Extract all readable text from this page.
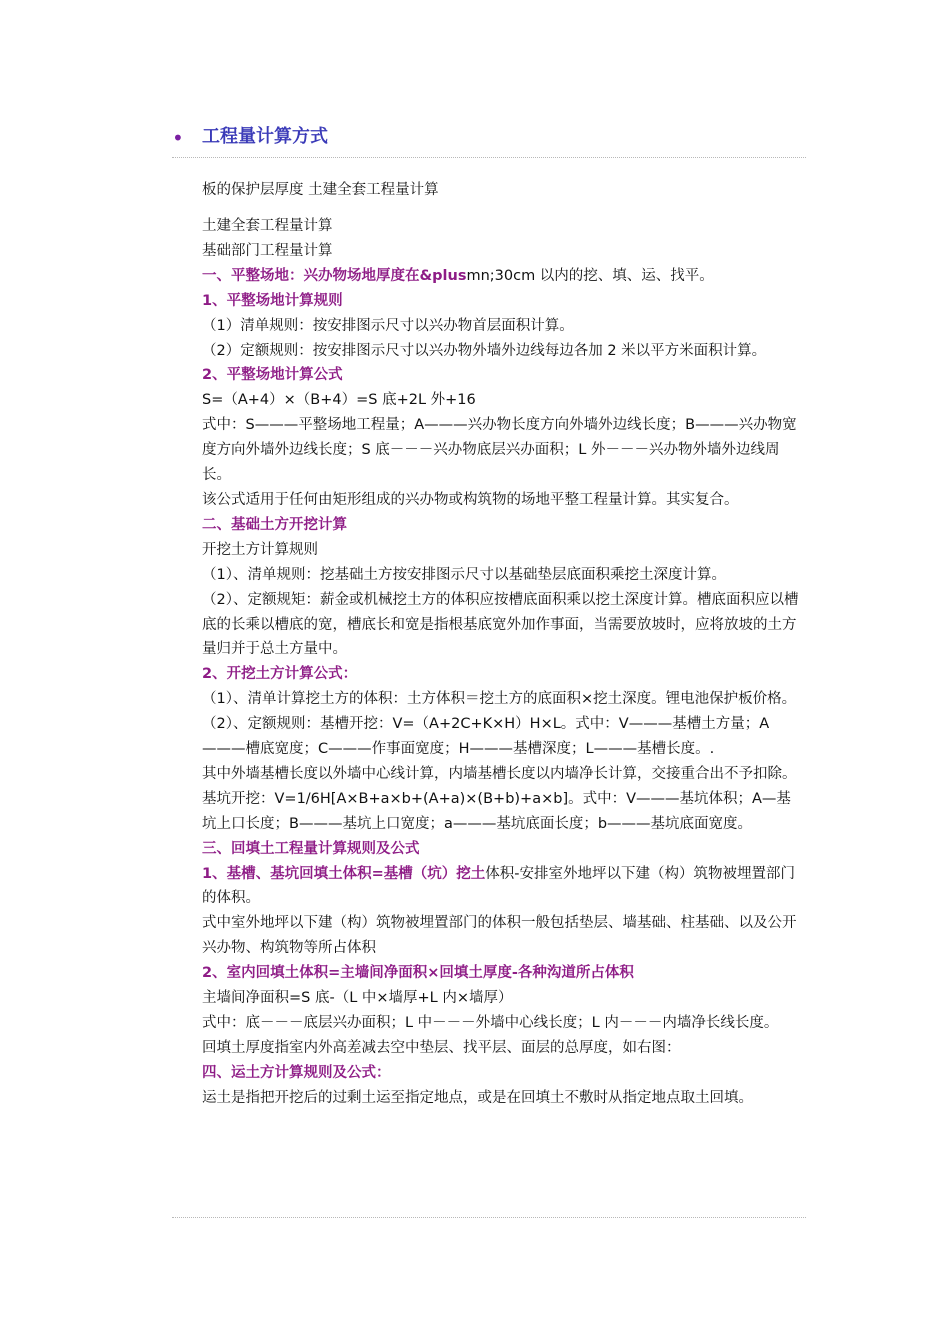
• 工程量计算方式
板的保护层厚度 土建全套工程量计算

土建全套工程量计算

基础部门工程量计算

一、平整场地：兴办物场地厚度在&plusmn;30cm 以内的挖、填、运、找平。

1、平整场地计算规则

（1）清单规则：按安排图示尺寸以兴办物首层面积计算。

（2）定额规则：按安排图示尺寸以兴办物外墙外边线每边各加 2 米以平方米面积计算。

2、平整场地计算公式

S=（A+4）×（B+4）=S 底+2L 外+16

式中：S———平整场地工程量；A———兴办物长度方向外墙外边线长度；B———兴办物宽度方向外墙外边线长度；S 底－－－兴办物底层兴办面积；L 外－－－兴办物外墙外边线周长。

该公式适用于任何由矩形组成的兴办物或构筑物的场地平整工程量计算。其实复合。

二、基础土方开挖计算

开挖土方计算规则

（1）、清单规则：挖基础土方按安排图示尺寸以基础垫层底面积乘挖土深度计算。

（2）、定额规矩：薪金或机械挖土方的体积应按槽底面积乘以挖土深度计算。槽底面积应以槽底的长乘以槽底的宽，槽底长和宽是指根基底宽外加作事面，当需要放坡时，应将放坡的土方量归并于总土方量中。

2、开挖土方计算公式：

（1）、清单计算挖土方的体积：土方体积＝挖土方的底面积×挖土深度。锂电池保护板价格。

（2）、定额规则：基槽开挖：V=（A+2C+K×H）H×L。式中：V———基槽土方量；A———槽底宽度；C———作事面宽度；H———基槽深度；L———基槽长度。.

其中外墙基槽长度以外墙中心线计算，内墙基槽长度以内墙净长计算，交接重合出不予扣除。

基坑开挖：V=1/6H[A×B+a×b+(A+a)×(B+b)+a×b]。式中：V———基坑体积；A—基坑上口长度；B———基坑上口宽度；a———基坑底面长度；b———基坑底面宽度。

三、回填土工程量计算规则及公式

1、基槽、基坑回填土体积=基槽（坑）挖土体积-安排室外地坪以下建（构）筑物被埋置部门的体积。

式中室外地坪以下建（构）筑物被埋置部门的体积一般包括垫层、墙基础、柱基础、以及公开兴办物、构筑物等所占体积

2、室内回填土体积=主墙间净面积×回填土厚度-各种沟道所占体积

主墙间净面积=S 底-（L 中×墙厚+L 内×墙厚）

式中：底－－－底层兴办面积；L 中－－－外墙中心线长度；L 内－－－内墙净长线长度。

回填土厚度指室内外高差减去空中垫层、找平层、面层的总厚度，如右图：

四、运土方计算规则及公式：

运土是指把开挖后的过剩土运至指定地点，或是在回填土不敷时从指定地点取土回填。
